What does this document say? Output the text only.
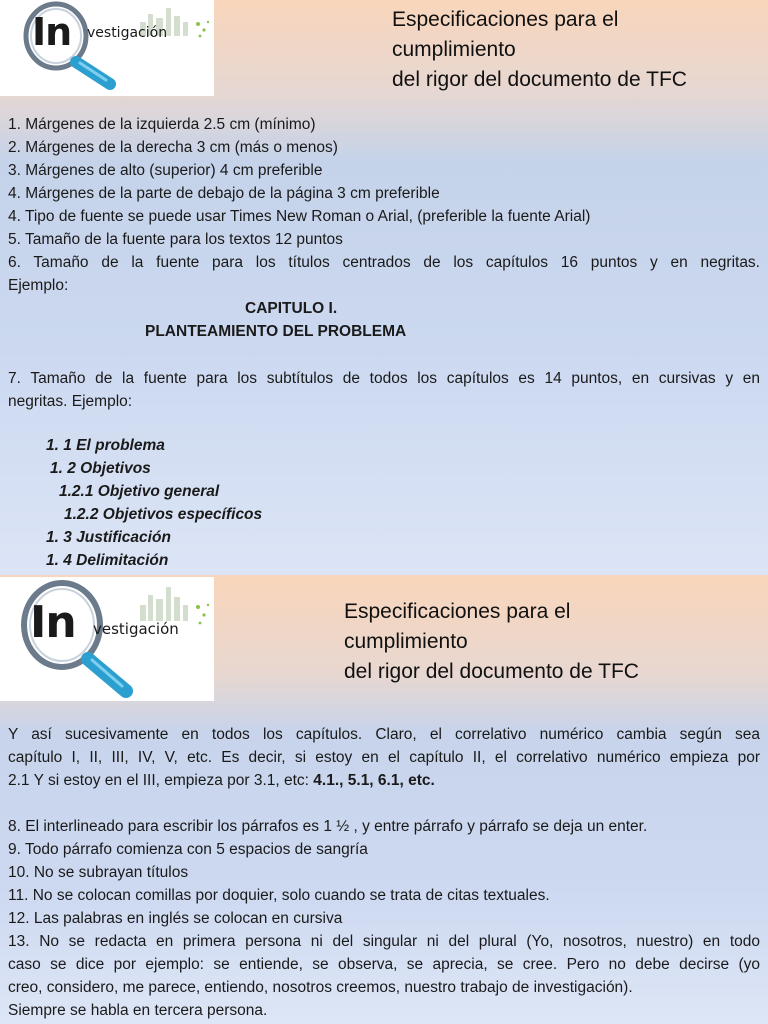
In vestigación
Especificaciones para el
cumplimiento
del rigor del documento de TFC
1. Márgenes de la izquierda 2.5 cm (mínimo)
2. Márgenes de la derecha 3 cm (más o menos)
3. Márgenes de alto (superior) 4 cm preferible
4. Márgenes de la parte de debajo de la página 3 cm preferible
4. Tipo de fuente se puede usar Times New Roman o Arial, (preferible la fuente Arial)
5. Tamaño de la fuente para los textos 12 puntos
6. Tamaño de la fuente para los títulos centrados de los capítulos 16 puntos y en negritas.
Ejemplo:
CAPITULO I.
PLANTEAMIENTO DEL PROBLEMA
7. Tamaño de la fuente para los subtítulos de todos los capítulos es 14 puntos, en cursivas y en
negritas. Ejemplo:
1. 1 El problema
1. 2 Objetivos
1.2.1 Objetivo general
1.2.2 Objetivos específicos
1. 3 Justificación
1. 4 Delimitación
In vestigación
Especificaciones para el
cumplimiento
del rigor del documento de TFC
Y así sucesivamente en todos los capítulos. Claro, el correlativo numérico cambia según sea
capítulo I, II, III, IV, V, etc. Es decir, si estoy en el capítulo II, el correlativo numérico empieza por
2.1 Y si estoy en el III, empieza por 3.1, etc: 4.1., 5.1, 6.1, etc.
8. El interlineado para escribir los párrafos es 1 ½ , y entre párrafo y párrafo se deja un enter.
9. Todo párrafo comienza con 5 espacios de sangría
10. No se subrayan títulos
11. No se colocan comillas por doquier, solo cuando se trata de citas textuales.
12. Las palabras en inglés se colocan en cursiva
13. No se redacta en primera persona ni del singular ni del plural (Yo, nosotros, nuestro) en todo
caso se dice por ejemplo: se entiende, se observa, se aprecia, se cree. Pero no debe decirse (yo
creo, considero, me parece, entiendo, nosotros creemos, nuestro trabajo de investigación).
Siempre se habla en tercera persona.
